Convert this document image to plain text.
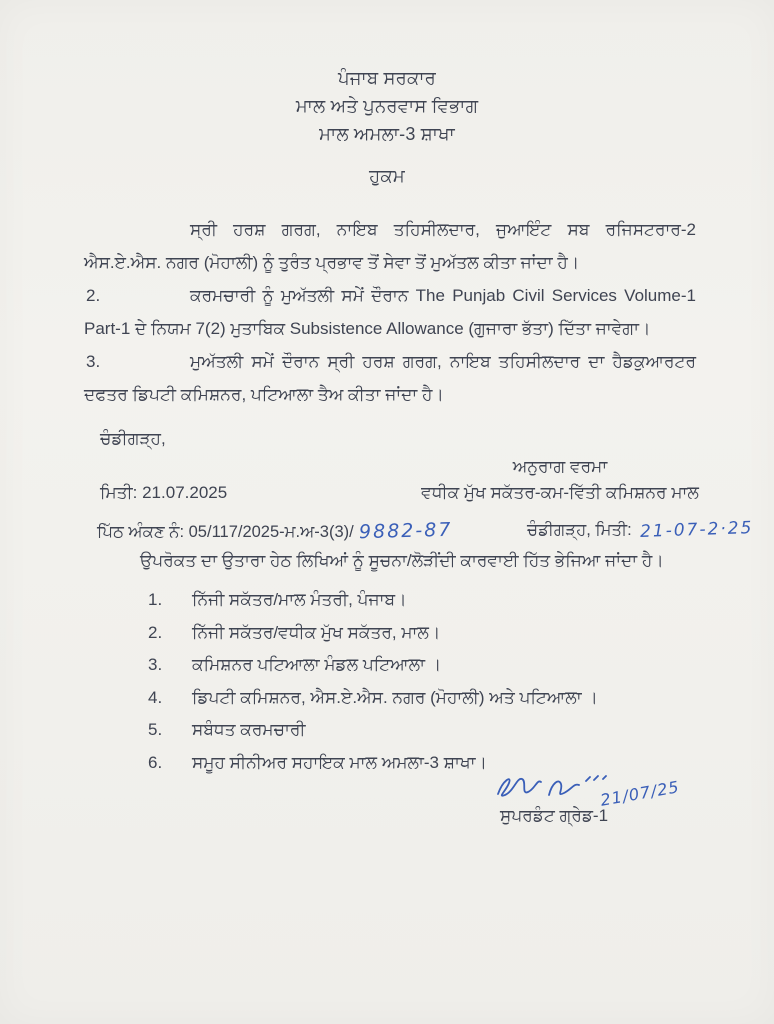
ਪੰਜਾਬ ਸਰਕਾਰ
ਮਾਲ ਅਤੇ ਪੁਨਰਵਾਸ ਵਿਭਾਗ
ਮਾਲ ਅਮਲਾ-3 ਸ਼ਾਖਾ
ਹੁਕਮ

ਸ੍ਰੀ ਹਰਸ਼ ਗਰਗ, ਨਾਇਬ ਤਹਿਸੀਲਦਾਰ, ਜੁਆਇੰਟ ਸਬ ਰਜਿਸਟਰਾਰ-2 ਐਸ.ਏ.ਐਸ. ਨਗਰ (ਮੋਹਾਲੀ) ਨੂੰ ਤੁਰੰਤ ਪ੍ਰਭਾਵ ਤੋਂ ਸੇਵਾ ਤੋਂ ਮੁਅੱਤਲ ਕੀਤਾ ਜਾਂਦਾ ਹੈ।

2.	ਕਰਮਚਾਰੀ ਨੂੰ ਮੁਅੱਤਲੀ ਸਮੇਂ ਦੌਰਾਨ The Punjab Civil Services Volume-1 Part-1 ਦੇ ਨਿਯਮ 7(2) ਮੁਤਾਬਿਕ Subsistence Allowance (ਗੁਜਾਰਾ ਭੱਤਾ) ਦਿੱਤਾ ਜਾਵੇਗਾ।

3.	ਮੁਅੱਤਲੀ ਸਮੇਂ ਦੌਰਾਨ ਸ੍ਰੀ ਹਰਸ਼ ਗਰਗ, ਨਾਇਬ ਤਹਿਸੀਲਦਾਰ ਦਾ ਹੈਡਕੁਆਰਟਰ ਦਫਤਰ ਡਿਪਟੀ ਕਮਿਸ਼ਨਰ, ਪਟਿਆਲਾ ਤੈਅ ਕੀਤਾ ਜਾਂਦਾ ਹੈ।

ਚੰਡੀਗੜ੍ਹ,
ਅਨੁਰਾਗ ਵਰਮਾ
ਮਿਤੀ: 21.07.2025	ਵਧੀਕ ਮੁੱਖ ਸਕੱਤਰ-ਕਮ-ਵਿੱਤੀ ਕਮਿਸ਼ਨਰ ਮਾਲ
ਪਿੱਠ ਅੰਕਣ ਨੰ: 05/117/2025-ਮ.ਅ-3(3)/ 9882-87	ਚੰਡੀਗੜ੍ਹ, ਮਿਤੀ: 21-07-2·25
ਉਪਰੋਕਤ ਦਾ ਉਤਾਰਾ ਹੇਠ ਲਿਖਿਆਂ ਨੂੰ ਸੂਚਨਾ/ਲੋੜੀਂਦੀ ਕਾਰਵਾਈ ਹਿੱਤ ਭੇਜਿਆ ਜਾਂਦਾ ਹੈ।
1. ਨਿੱਜੀ ਸਕੱਤਰ/ਮਾਲ ਮੰਤਰੀ, ਪੰਜਾਬ।
2. ਨਿੱਜੀ ਸਕੱਤਰ/ਵਧੀਕ ਮੁੱਖ ਸਕੱਤਰ, ਮਾਲ।
3. ਕਮਿਸ਼ਨਰ ਪਟਿਆਲਾ ਮੰਡਲ ਪਟਿਆਲਾ ।
4. ਡਿਪਟੀ ਕਮਿਸ਼ਨਰ, ਐਸ.ਏ.ਐਸ. ਨਗਰ (ਮੋਹਾਲੀ) ਅਤੇ ਪਟਿਆਲਾ ।
5. ਸਬੰਧਤ ਕਰਮਚਾਰੀ
6. ਸਮੂਹ ਸੀਨੀਅਰ ਸਹਾਇਕ ਮਾਲ ਅਮਲਾ-3 ਸ਼ਾਖਾ।
21/07/25
ਸੁਪਰਡੰਟ ਗ੍ਰੇਡ-1
